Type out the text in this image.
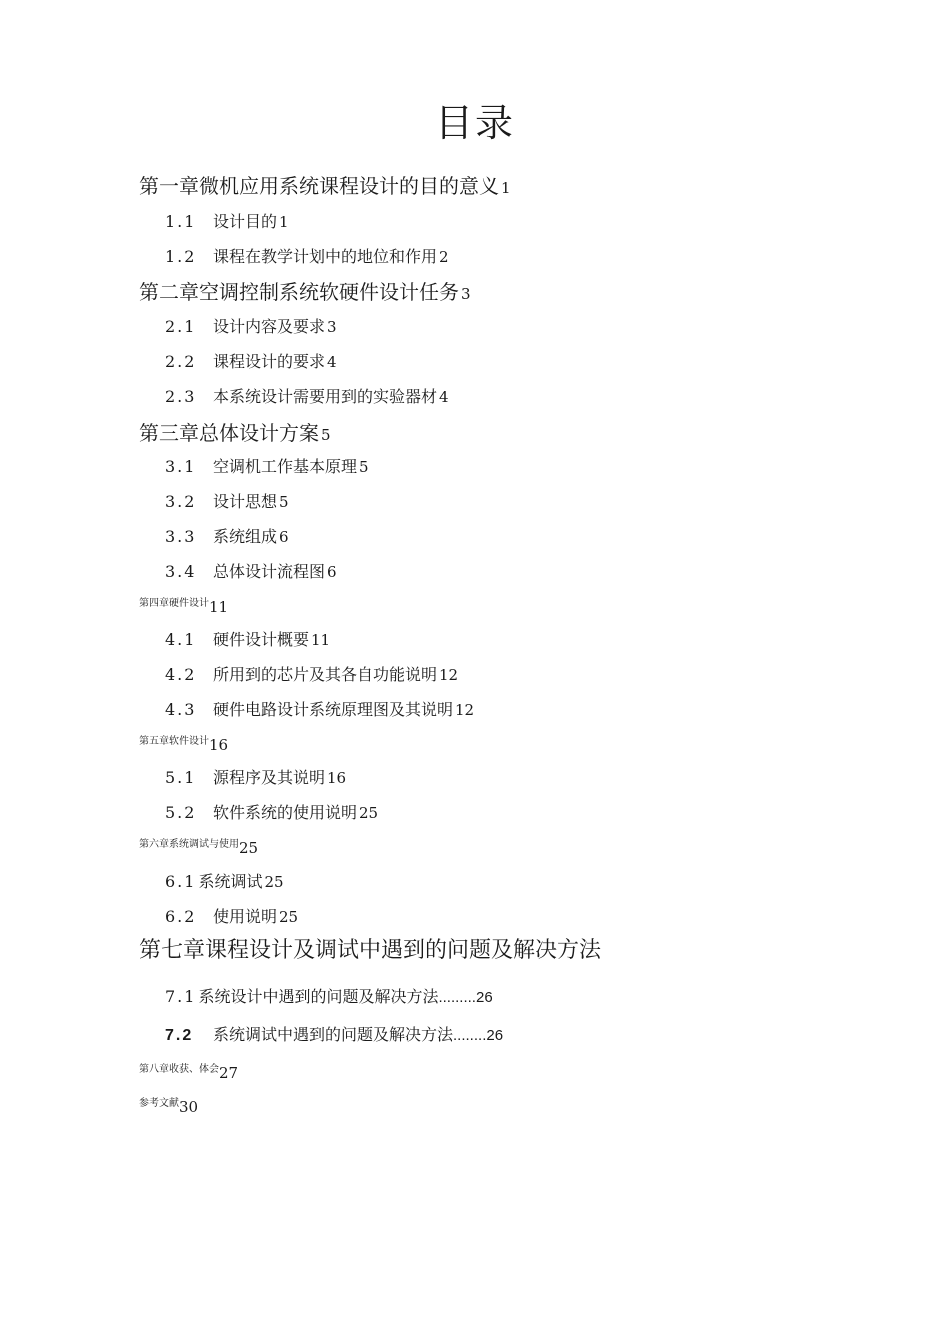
目录
第一章微机应用系统课程设计的目的意义 1
1.1 设计目的 1
1.2 课程在教学计划中的地位和作用 2
第二章空调控制系统软硬件设计任务 3
2.1 设计内容及要求 3
2.2 课程设计的要求 4
2.3 本系统设计需要用到的实验器材 4
第三章总体设计方案 5
3.1 空调机工作基本原理 5
3.2 设计思想 5
3.3 系统组成 6
3.4 总体设计流程图 6
第四章硬件设计11
4.1 硬件设计概要 11
4.2 所用到的芯片及其各自功能说明 12
4.3 硬件电路设计系统原理图及其说明 12
第五章软件设计16
5.1 源程序及其说明 16
5.2 软件系统的使用说明 25
第六章系统调试与使用25
6.1 系统调试 25
6.2 使用说明 25
第七章课程设计及调试中遇到的问题及解决方法
7.1 系统设计中遇到的问题及解决方法.........26
7.2 系统调试中遇到的问题及解决方法........26
第八章收获、体会27
参考文献30
